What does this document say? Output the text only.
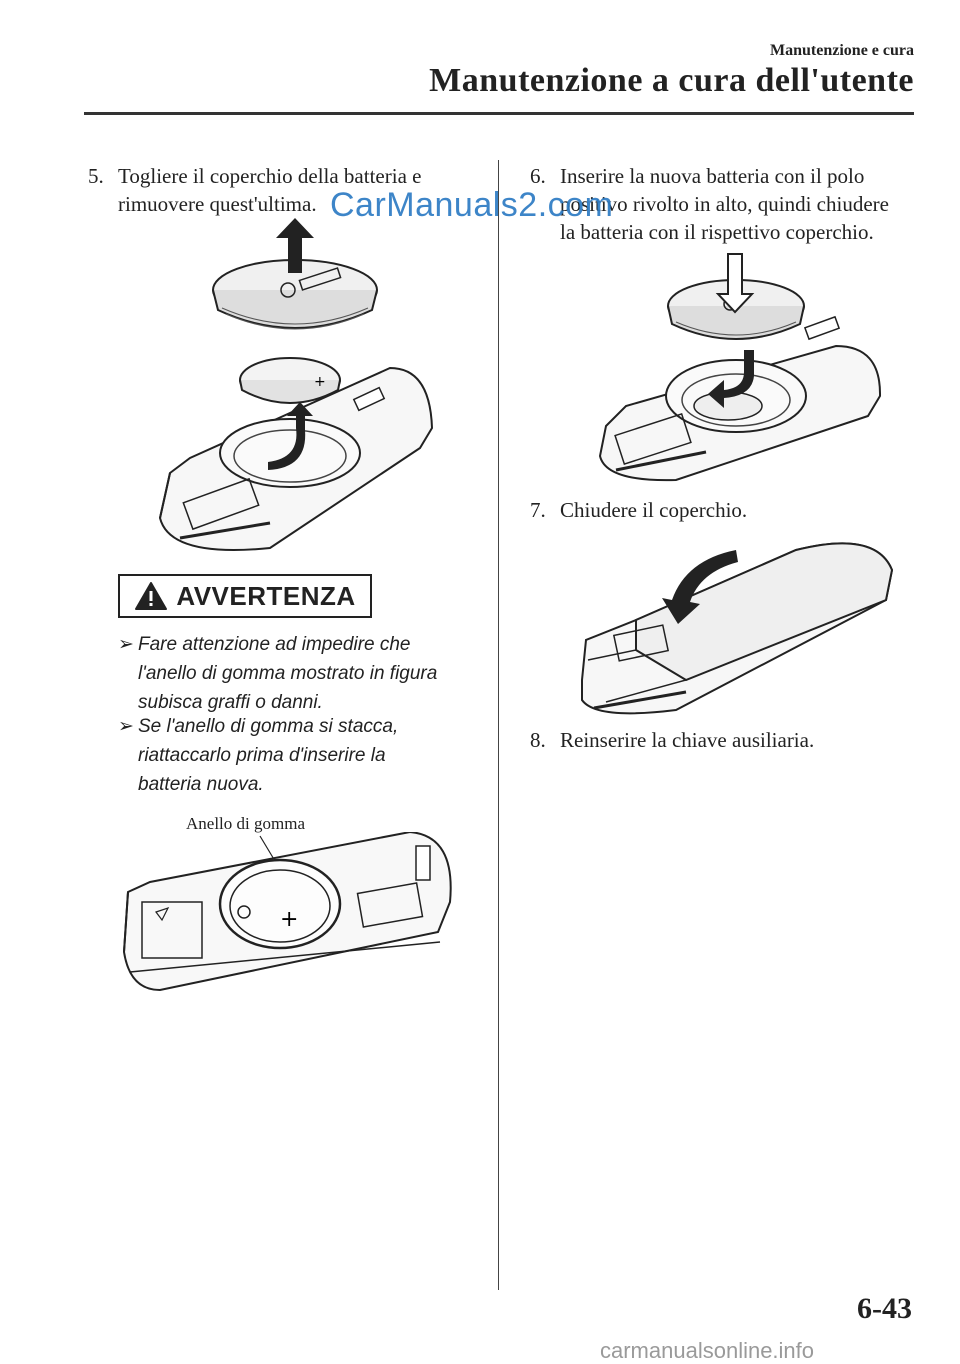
Manutenzione e cura
Manutenzione a cura dell'utente
5. Togliere il coperchio della batteria e
rimuovere quest'ultima.
+
AVVERTENZA
➢ Fare attenzione ad impedire che
l'anello di gomma mostrato in figura
subisca graffi o danni.
➢ Se l'anello di gomma si stacca,
riattaccarlo prima d'inserire la
batteria nuova.
Anello di gomma
+
6. Inserire la nuova batteria con il polo
positivo rivolto in alto, quindi chiudere
la batteria con il rispettivo coperchio.
7. Chiudere il coperchio.
8. Reinserire la chiave ausiliaria.
CarManuals2.com
carmanualsonline.info
6-43
